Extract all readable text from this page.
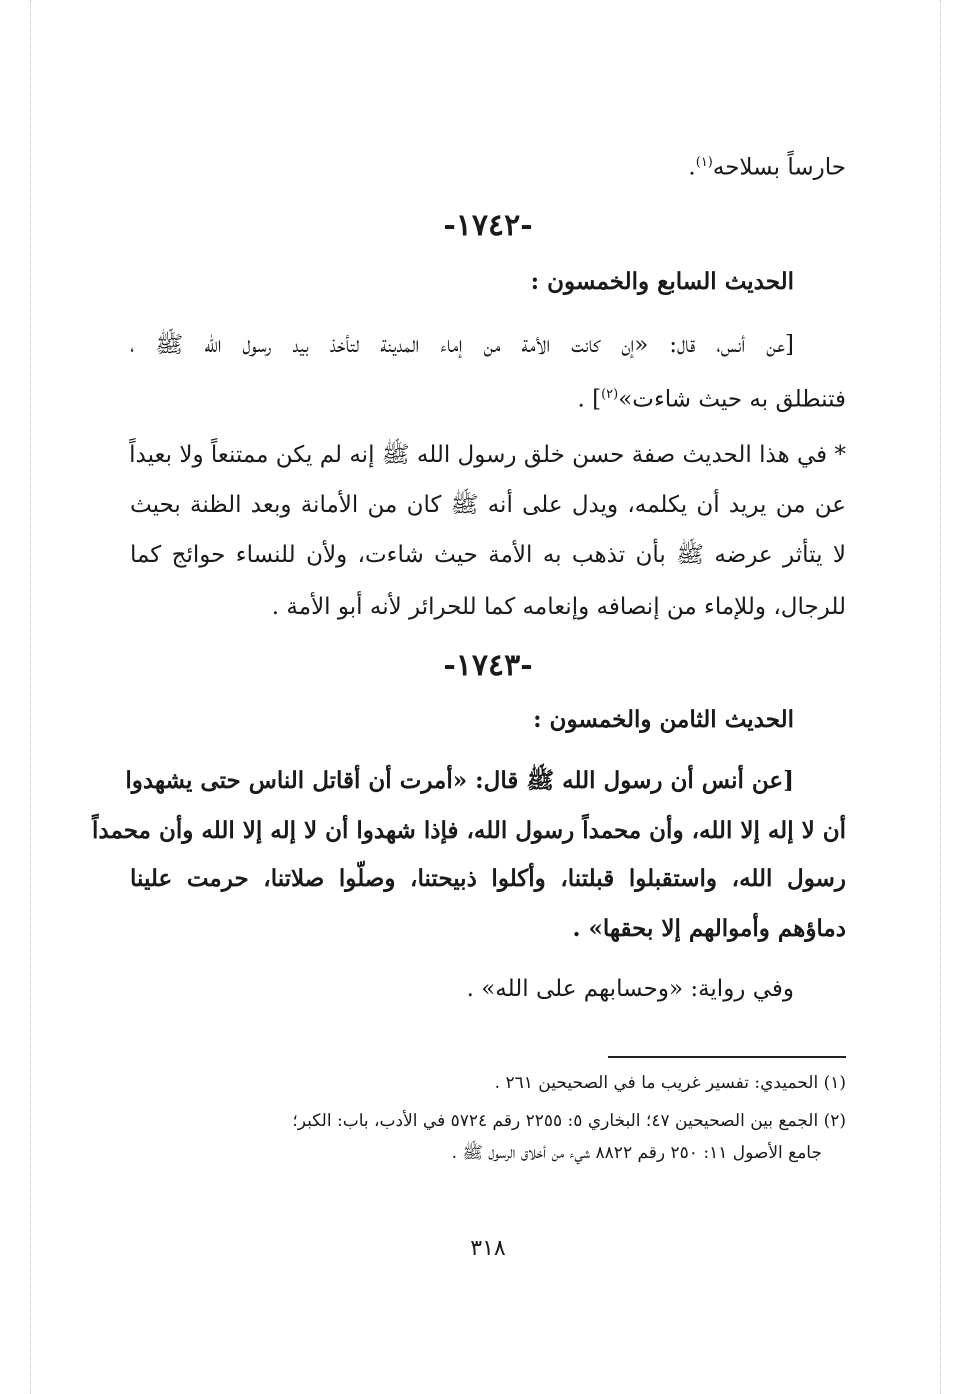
حارساً بسلاحه$^{(١)}$.
-١٧٤٢-
الحديث السابع والخمسون :
[عن أنس، قال: «إن كانت الأمة من إماء المدينة لتأخذ بيد رسول الله ﷺ ،
فتنطلق به حيث شاءت»$^{(٢)}$] .
* في هذا الحديث صفة حسن خلق رسول الله ﷺ إنه لم يكن ممتنعاً ولا بعيداً
عن من يريد أن يكلمه، ويدل على أنه ﷺ كان من الأمانة وبعد الظنة بحيث
لا يتأثر عرضه ﷺ بأن تذهب به الأمة حيث شاءت، ولأن للنساء حوائج كما
للرجال، وللإماء من إنصافه وإنعامه كما للحرائر لأنه أبو الأمة .
-١٧٤٣-
الحديث الثامن والخمسون :
[عن أنس أن رسول الله ﷺ قال: «أمرت أن أقاتل الناس حتى يشهدوا
أن لا إله إلا الله، وأن محمداً رسول الله، فإذا شهدوا أن لا إله إلا الله وأن محمداً
رسول الله، واستقبلوا قبلتنا، وأكلوا ذبيحتنا، وصلّوا صلاتنا، حرمت علينا
دماؤهم وأموالهم إلا بحقها» .
وفي رواية: «وحسابهم على الله» .
(١) الحميدي: تفسير غريب ما في الصحيحين ٢٦١ .
(٢) الجمع بين الصحيحين ٤٧؛ البخاري ٥: ٢٢٥٥ رقم ٥٧٢٤ في الأدب، باب: الكبر؛
جامع الأصول ١١: ٢٥٠ رقم ٨٨٢٢ شيء من أخلاق الرسول ﷺ .
٣١٨
